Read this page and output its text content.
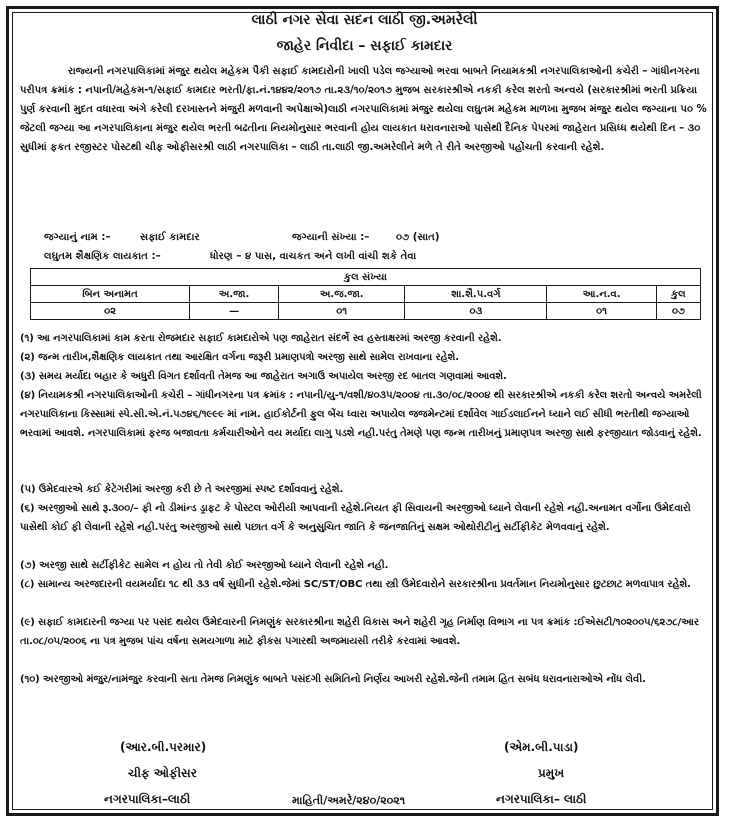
લાઠી નગર સેવા સદન લાઠી જી.અમરેલી
જાહેર નિવીદા – સફાઈ કામદાર
રાજ્યની નગરપાલિકામાં મંજુર થયેલ મહેકમ પૈકી સફાઈ કામદારોની ખાલી પડેલ જગ્યાઓ ભરવા બાબતે નિયામકશ્રી નગરપાલિકાઓની કચેરી – ગાંધીનગરના પરીપત્ર ક્રમાંક : નપાની/મહેકમ-૧/સફાઈ કામદાર ભરતી/ફા.નં.૧૪૪૨/૨૦૧૭ તા.૨૩/૧૦/૨૦૧૭ મુજબ સરકારશ્રીએ નકકી કરેલ શરતો અન્વયે (સરકારશ્રીમાં ભરતી પ્રક્રિયા પુર્ણ કરવાની મુદત વધારવા અંગે કરેલી દરખાસ્તને મંજુરી મળવાની અપેક્ષાએ)લાઠી નગરપાલિકામાં મંજુર થયેલા લઘુતમ મહેકમ માળખા મુજબ મંજુર થયેલ જગ્યાના ૫૦ % જેટલી જગ્યા આ નગરપાલિકાના મંજુર થયેલ ભરતી બઢતીના નિયમોનુસાર ભરવાની હોય લાયકાત ધરાવનારાઓ પાસેથી દૈનિક પેપરમાં જાહેરાત પ્રસિધ્ધ થયેથી દિન – ૩૦ સુધીમાં ફકત રજીસ્ટર પોસ્ટથી ચીફ ઓફીસરશ્રી લાઠી નગરપાલિકા – લાઠી તા.લાઠી જી.અમરેલીને મળે તે રીતે અરજીઓ પહોંચતી કરવાની રહેશે.
જગ્યાનું નામ :–	સફાઈ કામદાર	જગ્યાની સંખ્યા :–	૦૭ (સાત)
લઘુતમ શૈક્ષણિક લાયકાત :–	ધોરણ – ૪ પાસ, વાચકત અને લખી વાંચી શકે તેવા
કુલ સંખ્યા					
બિન અનામત	અ.જા.	અ.જ.જા.	શા.શૈ.પ.વર્ગ	આ.ન.વ.	કુલ
૦૨	—	૦૧	૦૩	૦૧	૦૭
(૧) આ નગરપાલિકામાં કામ કરતા રોજમદાર સફાઈ કામદારોએ પણ જાહેરાત સંદર્ભે સ્વ હસ્તાક્ષરમાં અરજી કરવાની રહેશે.
(૨) જન્મ તારીખ,શૈક્ષણિક લાયકાત તથા આરક્ષિત વર્ગના જરૂરી પ્રમાણપત્રો અરજી સાથે સામેલ રાખવાના રહેશે.
(૩) સમય મર્યાદા બહાર કે અધુરી વિગત દર્શાવતી તેમજ આ જાહેરાત અગાઉ અપાયેલ અરજી રદ બાતલ ગણવામાં આવશે.
(૪) નિયામકશ્રી નગરપાલિકાઓની કચેરી – ગાંધીનગરના પત્ર ક્રમાંક : નપાની/યુ-૧/વશી/૪૦૩૫/૨૦૦૪ તા.૩૦/૦૮/૨૦૦૪ થી સરકારશ્રીએ નકકી કરેલ શરતો અન્વયે અમરેલી નગરપાલિકાના કિસ્સામાં સ્પે.સી.એ.નં.૫૭૪૬/૧૯૯૯ માં નામ. હાઈકોર્ટની ફુલ બેંચ ધ્વારા અપાયેલ જજમેન્ટમાં દર્શાવેલ ગાઈડલાઈનને ધ્યાને લઈ સીધી ભરતીથી જગ્યાઓ ભરવામાં આવશે. નગરપાલિકામાં ફરજ બજાવતા કર્મચારીઓને વય મર્યાદા લાગુ પડશે નહી.પરંતુ તેમણે પણ જન્મ તારીખનું પ્રમાણપત્ર અરજી સાથે ફરજીયાત જોડવાનું રહેશે.
(૫) ઉમેદવારએ કઈ કેટેગરીમાં અરજી કરી છે તે અરજીમાં સ્પષ્ટ દર્શાવવાનું રહેશે.
(૬) અરજીઓ સાથે રૂ.૩૦૦/– ફી નો ડીમાંન્ડ ડ્રાફટ કે પોસ્ટલ ઓરીયી આપવાની રહેશે.નિયત ફી સિવાયની અરજીઓ ધ્યાને લેવાની રહેશે નહી.અનામત વર્ગોના ઉમેદવારો પાસેથી કોઈ ફી લેવાની રહેશે નહી.પરંતુ અરજીઓ સાથે પછાત વર્ગ કે અનુસુચિત જાતિ કે જનજાતિનું સક્ષમ ઓથોરીટીનું સર્ટીફીકેટ મેળવવાનું રહેશે.
(૭) અરજી સાથે સર્ટીફીકેટ સામેલ ન હોય તો તેવી કોઈ અરજીઓ ધ્યાને લેવાની રહેશે નહી.
(૮) સામાન્ય અરજદારની વયમર્યાદા ૧૮ થી ૩૩ વર્ષ સુધીની રહેશે.જેમાં SC/ST/OBC તથા સ્ત્રી ઉમેદવારોને સરકારશ્રીના પ્રવર્તમાન નિયમોનુસાર છુટછાટ મળવાપાત્ર રહેશે.
(૯) સફાઈ કામદારની જગ્યા પર પસંદ થયેલ ઉમેદવારની નિમણુંક સરકારશ્રીના શહેરી વિકાસ અને શહેરી ગૃહ નિર્માણ વિભાગ ના પત્ર ક્રમાંક :ઈએસટી/૧૦૨૦૦૫/૬૨૭૮/આર તા.૦૮/૦૫/૨૦૦૬ ના પત્ર મુજબ પાંચ વર્ષના સમયગાળા માટે ફીકસ પગારથી અજમાયસી તરીકે કરવામાં આવશે.
(૧૦) અરજીઓ મંજુર/નામંજુર કરવાની સતા તેમજ નિમણુંક બાબતે પસંદગી સમિતિનો નિર્ણય આખરી રહેશે.જેની તમામ હિત સબંધ ધરાવનારાઓએ નોંધ લેવી.
(આર.બી.પરમાર)
ચીફ ઓફીસર
નગરપાલિકા–લાઠી
(એમ.બી.પાડા)
પ્રમુખ
નગરપાલિકા– લાઠી
માહિતી/અમરે/૨૪૦/૨૦૨૧
